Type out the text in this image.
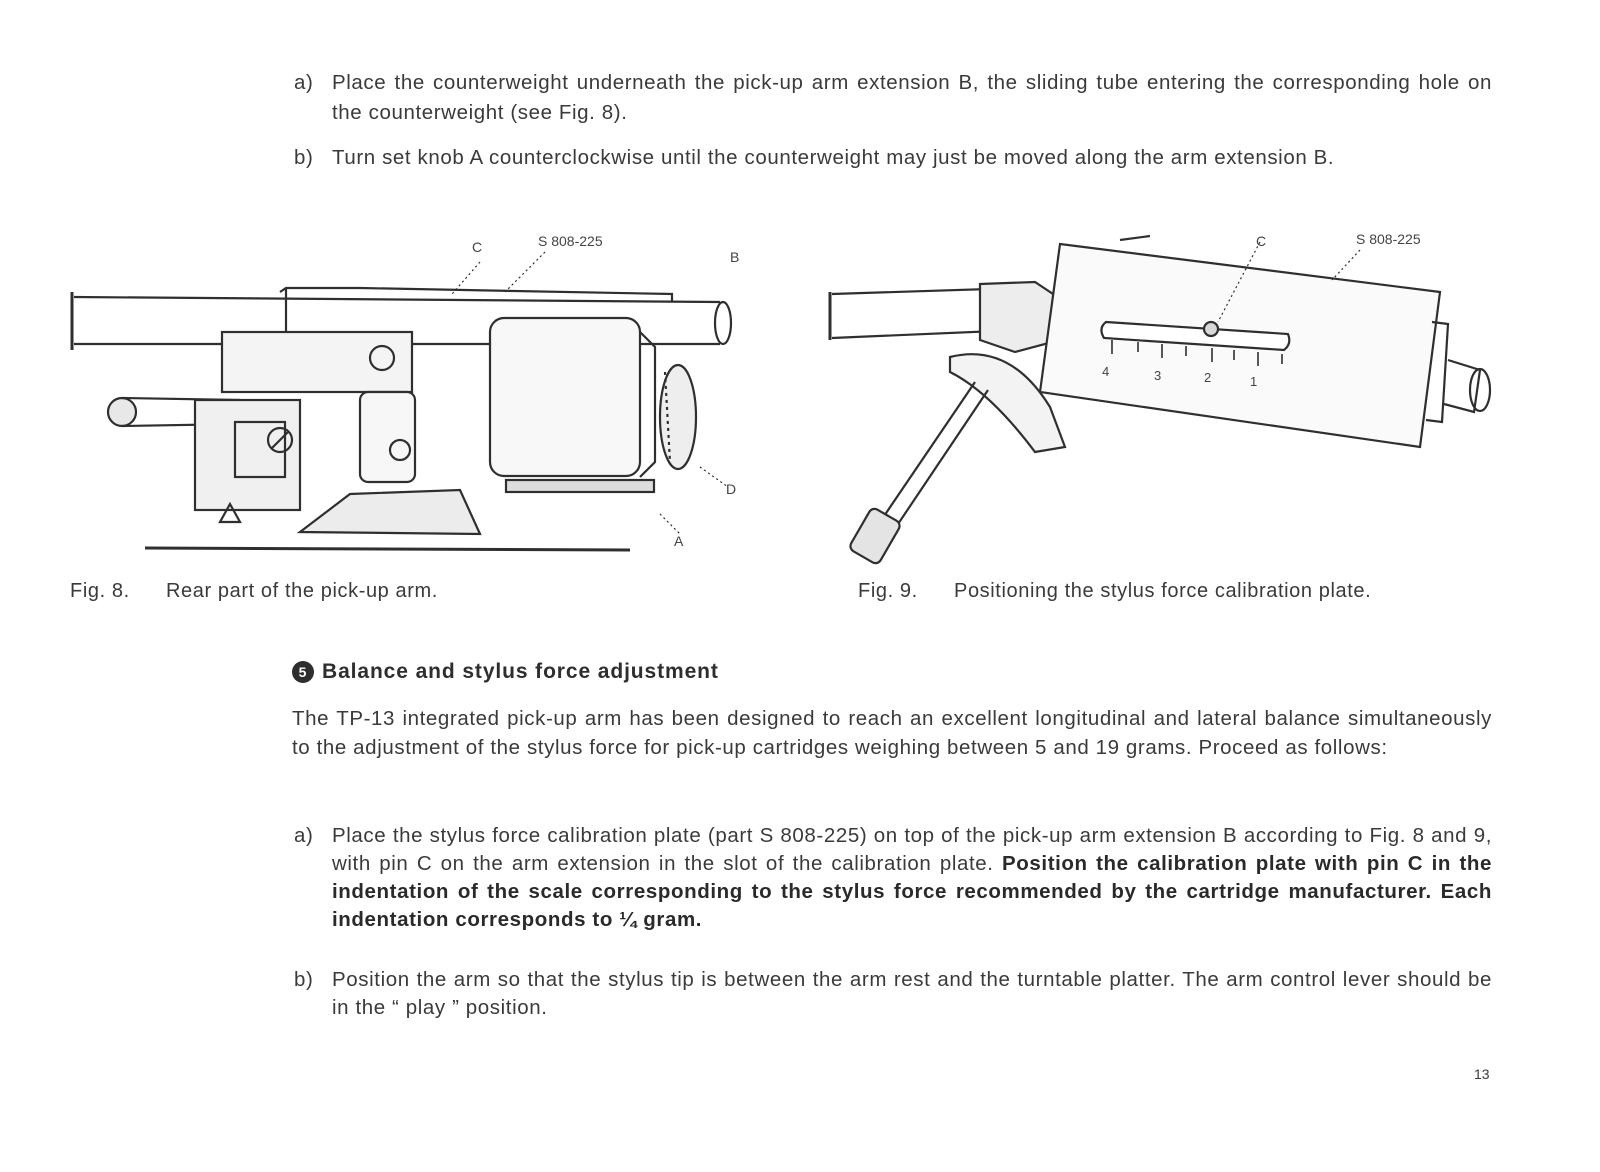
a) Place the counterweight underneath the pick-up arm extension B, the sliding tube entering the corresponding hole on the counterweight (see Fig. 8).
b) Turn set knob A counterclockwise until the counterweight may just be moved along the arm extension B.
C	S 808-225
B
D
A
C	S 808-225
4	3	2	1
Fig. 8. Rear part of the pick-up arm.	Fig. 9. Positioning the stylus force calibration plate.
5 Balance and stylus force adjustment
The TP-13 integrated pick-up arm has been designed to reach an excellent longitudinal and lateral balance simultaneously to the adjustment of the stylus force for pick-up cartridges weighing between 5 and 19 grams. Proceed as follows:
a) Place the stylus force calibration plate (part S 808-225) on top of the pick-up arm extension B according to Fig. 8 and 9, with pin C on the arm extension in the slot of the calibration plate. Position the calibration plate with pin C in the indentation of the scale corresponding to the stylus force recommended by the cartridge manufacturer. Each indentation corresponds to ¼ gram.
b) Position the arm so that the stylus tip is between the arm rest and the turntable platter. The arm control lever should be in the “ play ” position.
13
